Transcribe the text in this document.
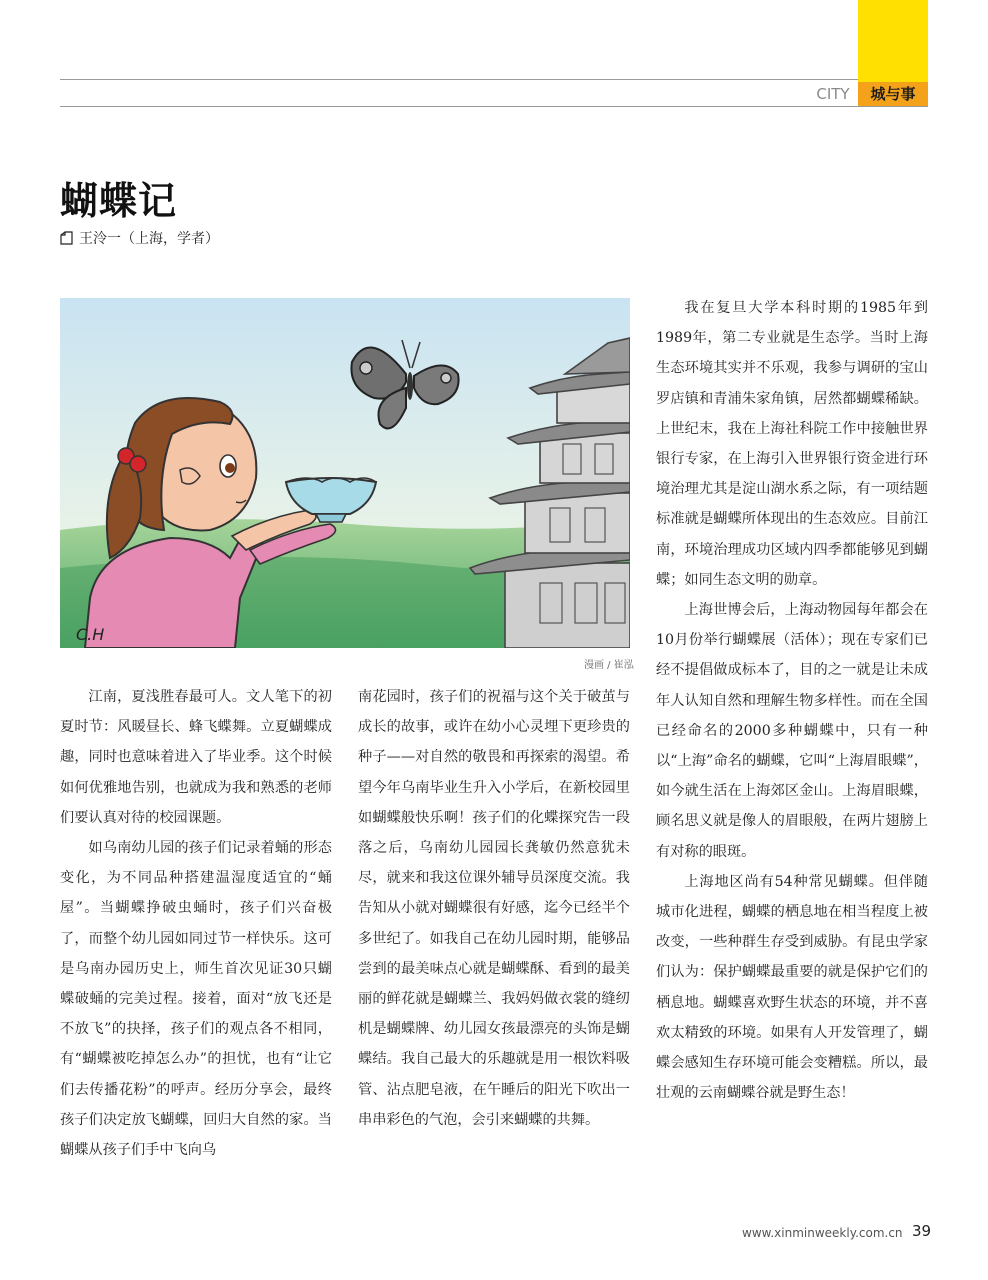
CITY	城与事
蝴蝶记
王泠一（上海，学者）
C.H
漫画 / 崔泓

江南，夏浅胜春最可人。文人笔下的初夏时节：风暖昼长、蜂飞蝶舞。立夏蝴蝶成趣，同时也意味着进入了毕业季。这个时候如何优雅地告别，也就成为我和熟悉的老师们要认真对待的校园课题。

如乌南幼儿园的孩子们记录着蛹的形态变化，为不同品种搭建温湿度适宜的“蛹屋”。当蝴蝶挣破虫蛹时，孩子们兴奋极了，而整个幼儿园如同过节一样快乐。这可是乌南办园历史上，师生首次见证30只蝴蝶破蛹的完美过程。接着，面对“放飞还是不放飞”的抉择，孩子们的观点各不相同，有“蝴蝶被吃掉怎么办”的担忧，也有“让它们去传播花粉”的呼声。经历分享会，最终孩子们决定放飞蝴蝶，回归大自然的家。当蝴蝶从孩子们手中飞向乌

南花园时，孩子们的祝福与这个关于破茧与成长的故事，或许在幼小心灵埋下更珍贵的种子——对自然的敬畏和再探索的渴望。希望今年乌南毕业生升入小学后，在新校园里如蝴蝶般快乐啊！孩子们的化蝶探究告一段落之后，乌南幼儿园园长龚敏仍然意犹未尽，就来和我这位课外辅导员深度交流。我告知从小就对蝴蝶很有好感，迄今已经半个多世纪了。如我自己在幼儿园时期，能够品尝到的最美味点心就是蝴蝶酥、看到的最美丽的鲜花就是蝴蝶兰、我妈妈做衣裳的缝纫机是蝴蝶牌、幼儿园女孩最漂亮的头饰是蝴蝶结。我自己最大的乐趣就是用一根饮料吸管、沾点肥皂液，在午睡后的阳光下吹出一串串彩色的气泡，会引来蝴蝶的共舞。

我在复旦大学本科时期的1985年到1989年，第二专业就是生态学。当时上海生态环境其实并不乐观，我参与调研的宝山罗店镇和青浦朱家角镇，居然都蝴蝶稀缺。上世纪末，我在上海社科院工作中接触世界银行专家，在上海引入世界银行资金进行环境治理尤其是淀山湖水系之际，有一项结题标准就是蝴蝶所体现出的生态效应。目前江南，环境治理成功区域内四季都能够见到蝴蝶；如同生态文明的勋章。

上海世博会后，上海动物园每年都会在10月份举行蝴蝶展（活体）；现在专家们已经不提倡做成标本了，目的之一就是让未成年人认知自然和理解生物多样性。而在全国已经命名的2000多种蝴蝶中，只有一种以“上海”命名的蝴蝶，它叫“上海眉眼蝶”，如今就生活在上海郊区金山。上海眉眼蝶，顾名思义就是像人的眉眼般，在两片翅膀上有对称的眼斑。

上海地区尚有54种常见蝴蝶。但伴随城市化进程，蝴蝶的栖息地在相当程度上被改变，一些种群生存受到威胁。有昆虫学家们认为：保护蝴蝶最重要的就是保护它们的栖息地。蝴蝶喜欢野生状态的环境，并不喜欢太精致的环境。如果有人开发管理了，蝴蝶会感知生存环境可能会变糟糕。所以，最壮观的云南蝴蝶谷就是野生态！

www.xinminweekly.com.cn 39
